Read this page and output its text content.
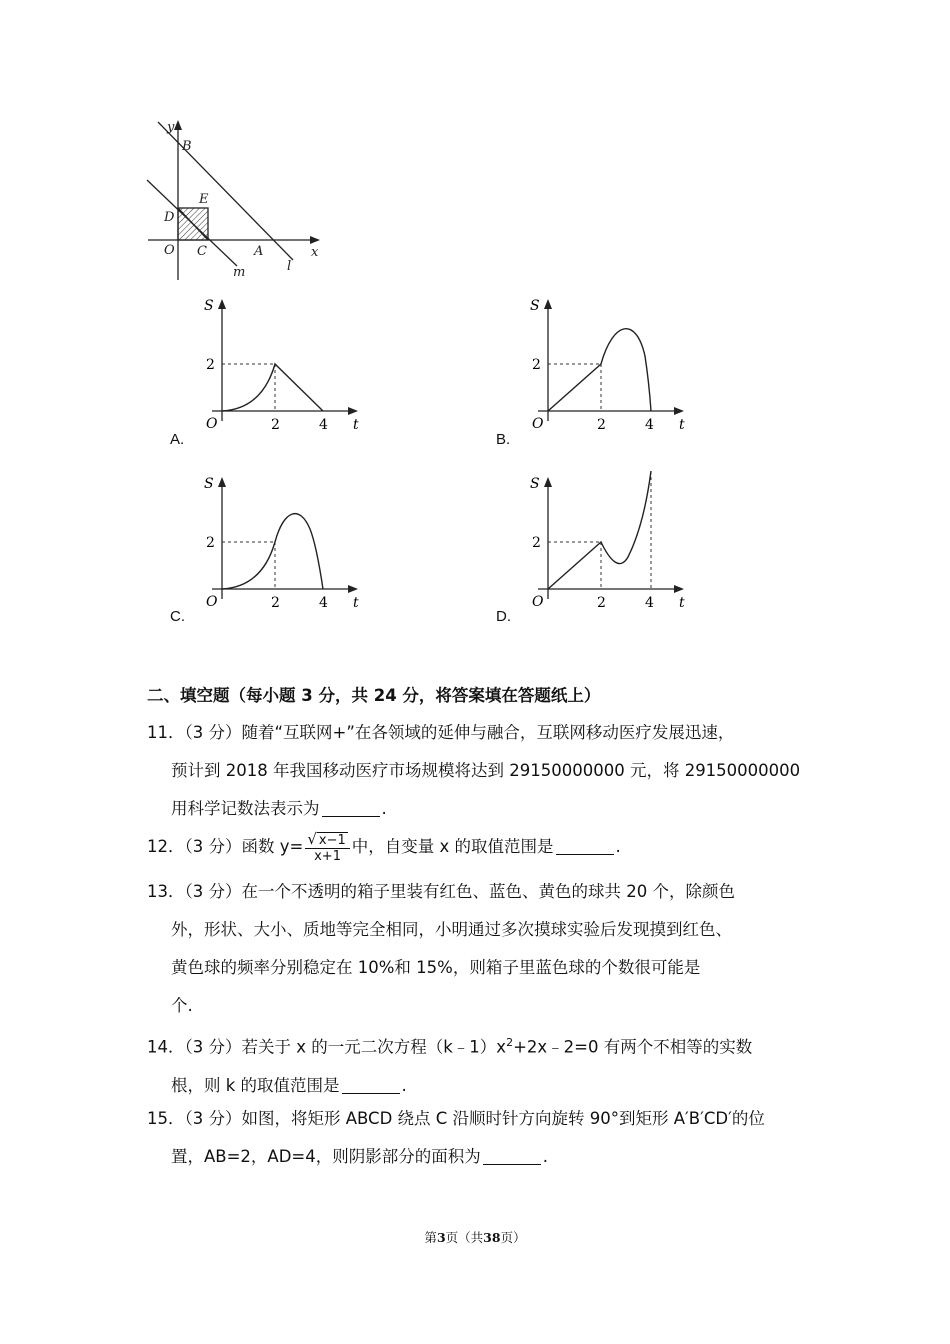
y
B
E
D
O C	A	x
m	l
S
t
O
2
2	4
S
t
O
2
2	4
S
t
O
2
2	4
S
t
O
2
2	4
A.	B.
C.	D.
二、填空题（每小题 3 分，共 24 分，将答案填在答题纸上）
11．（3 分）随着“互联网+”在各领域的延伸与融合，互联网移动医疗发展迅速，
预计到 2018 年我国移动医疗市场规模将达到 29150000000 元，将 29150000000
用科学记数法表示为	.
12．（3 分）函数 $y= \frac{√ x-1}{x+1}$ 中，自变量 x 的取值范围是	.
13．（3 分）在一个不透明的箱子里装有红色、蓝色、黄色的球共 20 个，除颜色
外，形状、大小、质地等完全相同，小明通过多次摸球实验后发现摸到红色、
黄色球的频率分别稳定在 10%和 15%，则箱子里蓝色球的个数很可能是
个.
14．（3 分）若关于 x 的一元二次方程$(k﹣1)x^2+2x﹣2=0$ 有两个不相等的实数
根，则 k 的取值范围是	.
15．（3 分）如图，将矩形 ABCD 绕点 C 沿顺时针方向旋转 90°到矩形 A′B′CD′的位
置，AB=2，AD=4，则阴影部分的面积为	.
第3页（共38页）
